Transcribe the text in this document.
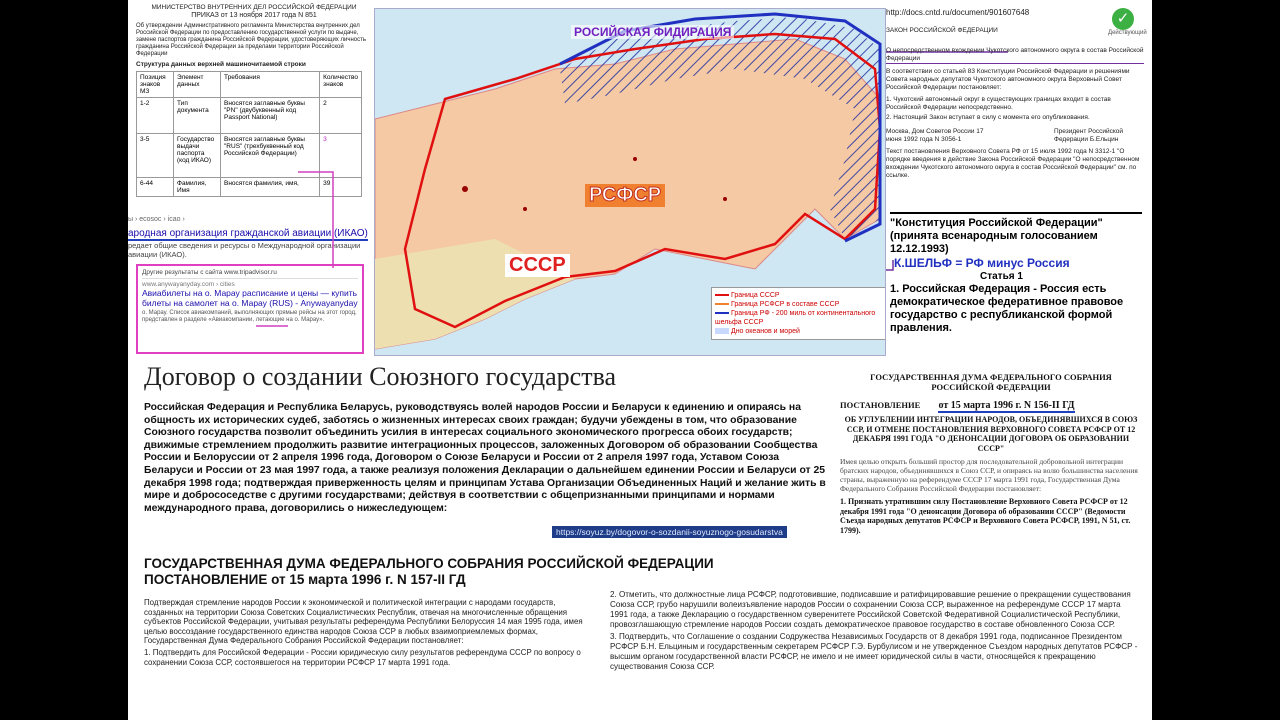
МИНИСТЕРСТВО ВНУТРЕННИХ ДЕЛ РОССИЙСКОЙ ФЕДЕРАЦИИ
ПРИКАЗ от 13 ноября 2017 года N 851
Об утверждении Административного регламента Министерства внутренних дел Российской Федерации по предоставлению государственной услуги по выдаче, замене паспортов гражданина Российской Федерации, удостоверяющих личность гражданина Российской Федерации за пределами территории Российской Федерации
Структура данных верхней машиночитаемой строки
Позиция знаков МЗ	Элемент данных	Требования	Количество знаков
1-2	Тип документа	Вносятся заглавные буквы "PN" (двубуквенный код Passport National)	2
3-5	Государство выдачи паспорта (код ИКАО)	Вносятся заглавные буквы "RUS" (трехбуквенный код Российской Федерации)	3
6-44	Фамилия, Имя	Вносятся фамилия, имя,	39
ы › ecosoc › icao ›
ародная организация гражданской авиации (ИКАО)
редает общие сведения и ресурсы о Международной организации
авиации (ИКАО).
Другие результаты с сайта www.tripadvisor.ru
www.anywayanyday.com › cities
Авиабилеты на о. Марау расписание и цены — купить билеты на самолет на о. Марау (RUS) - Anywayanyday
о. Марау. Список авиакомпаний, выполняющих прямые рейсы на этот город, представлен в разделе «Авиакомпании, летающие на о. Марау».
РОСИЙСКАЯ ФИДИРАЦИЯ
РСФСР
СССР
Граница СССР
Граница РСФСР в составе СССР
Граница РФ - 200 миль от континентального шельфа СССР
Дно океанов и морей
http://docs.cntd.ru/document/901607648	✓
Действующий
ЗАКОН РОССИЙСКОЙ ФЕДЕРАЦИИ
О непосредственном вхождении Чукотского автономного округа в состав Российской Федерации
В соответствии со статьей 83 Конституции Российской Федерации и решениями Совета народных депутатов Чукотского автономного округа Верховный Совет Российской Федерации постановляет:
1. Чукотский автономный округ в существующих границах входит в состав Российской Федерации непосредственно.
2. Настоящий Закон вступает в силу с момента его опубликования.
Москва, Дом Советов России 17 июня 1992 года N 3056-1
Президент Российской Федерации Б.Ельцин
Текст постановления Верховного Совета РФ от 15 июля 1992 года N 3312-1 "О порядке введения в действие Закона Российской Федерации "О непосредственном вхождении Чукотского автономного округа в состав Российской Федерации" см. по ссылке.
"Конституция Российской Федерации"
(принята всенародным голосованием
12.12.1993)
К.ШЕЛЬФ = РФ минус Россия
Статья 1
1. Российская Федерация - Россия есть демократическое федеративное правовое государство с республиканской формой правления.
Договор о создании Союзного государства
Российская Федерация и Республика Беларусь, руководствуясь волей народов России и Беларуси к единению и опираясь на общность их исторических судеб, заботясь о жизненных интересах своих граждан; будучи убеждены в том, что образование Союзного государства позволит объединить усилия в интересах социального экономического прогресса обоих государств; движимые стремлением продолжить развитие интеграционных процессов, заложенных Договором об образовании Сообщества России и Белоруссии от 2 апреля 1996 года, Договором о Союзе Беларуси и России от 2 апреля 1997 года, Уставом Союза Беларуси и России от 23 мая 1997 года, а также реализуя положения Декларации о дальнейшем единении России и Беларуси от 25 декабря 1998 года; подтверждая приверженность целям и принципам Устава Организации Объединенных Наций и желание жить в мире и добрососедстве с другими государствами; действуя в соответствии с общепризнанными принципами и нормами международного права, договорились о нижеследующем:
https://soyuz.by/dogovor-o-sozdanii-soyuznogo-gosudarstva
ГОСУДАРСТВЕННАЯ ДУМА ФЕДЕРАЛЬНОГО СОБРАНИЯ РОССИЙСКОЙ ФЕДЕРАЦИИ
ПОСТАНОВЛЕНИЕ от 15 марта 1996 г. N 156-II ГД
ОБ УГЛУБЛЕНИИ ИНТЕГРАЦИИ НАРОДОВ, ОБЪЕДИНЯВШИХСЯ В СОЮЗ ССР, И ОТМЕНЕ ПОСТАНОВЛЕНИЯ ВЕРХОВНОГО СОВЕТА РСФСР ОТ 12 ДЕКАБРЯ 1991 ГОДА "О ДЕНОНСАЦИИ ДОГОВОРА ОБ ОБРАЗОВАНИИ СССР"
Имея целью открыть больший простор для последовательной добровольной интеграции братских народов, объединявшихся в Союз ССР, и опираясь на волю большинства населения страны, выраженную на референдуме СССР 17 марта 1991 года, Государственная Дума Федерального Собрания Российской Федерации постановляет:
1. Признать утратившим силу Постановление Верховного Совета РСФСР от 12 декабря 1991 года "О денонсации Договора об образовании СССР" (Ведомости Съезда народных депутатов РСФСР и Верховного Совета РСФСР, 1991, N 51, ст. 1799).
ГОСУДАРСТВЕННАЯ ДУМА ФЕДЕРАЛЬНОГО СОБРАНИЯ РОССИЙСКОЙ ФЕДЕРАЦИИ
ПОСТАНОВЛЕНИЕ от 15 марта 1996 г. N 157-II ГД
Подтверждая стремление народов России к экономической и политической интеграции с народами государств, созданных на территории Союза Советских Социалистических Республик, отвечая на многочисленные обращения субъектов Российской Федерации, учитывая результаты референдума Республики Белоруссия 14 мая 1995 года, имея целью воссоздание государственного единства народов Союза ССР в любых взаимоприемлемых формах, Государственная Дума Федерального Собрания Российской Федерации постановляет:
1. Подтвердить для Российской Федерации - России юридическую силу результатов референдума СССР по вопросу о сохранении Союза ССР, состоявшегося на территории РСФСР 17 марта 1991 года.
2. Отметить, что должностные лица РСФСР, подготовившие, подписавшие и ратифицировавшие решение о прекращении существования Союза ССР, грубо нарушили волеизъявление народов России о сохранении Союза ССР, выраженное на референдуме СССР 17 марта 1991 года, а также Декларацию о государственном суверенитете Российской Советской Федеративной Социалистической Республики, провозглашающую стремление народов России создать демократическое правовое государство в составе обновленного Союза ССР.
3. Подтвердить, что Соглашение о создании Содружества Независимых Государств от 8 декабря 1991 года, подписанное Президентом РСФСР Б.Н. Ельциным и государственным секретарем РСФСР Г.Э. Бурбулисом и не утвержденное Съездом народных депутатов РСФСР - высшим органом государственной власти РСФСР, не имело и не имеет юридической силы в части, относящейся к прекращению существования Союза ССР.
